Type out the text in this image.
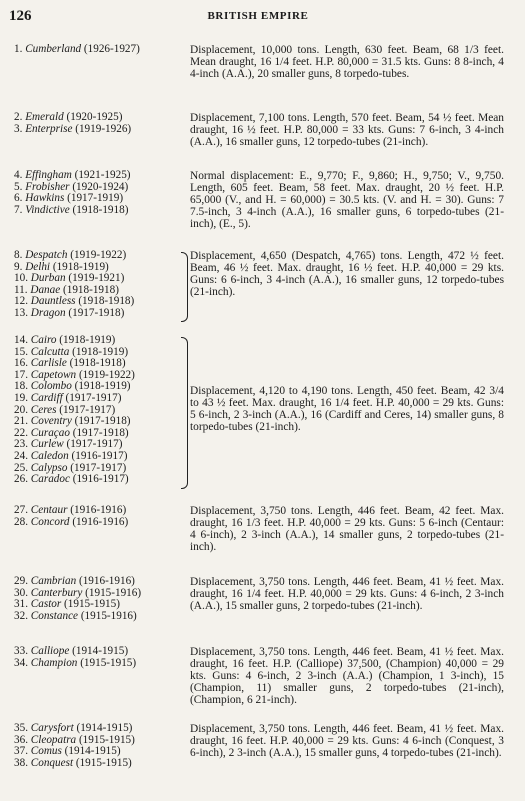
126	BRITISH EMPIRE
1. Cumberland (1926-1927)	Displacement, 10,000 tons. Length, 630 feet. Beam, 68 1/3 feet. Mean draught, 16 1/4 feet. H.P. 80,000 = 31.5 kts. Guns: 8 8-inch, 4 4-inch (A.A.), 20 smaller guns, 8 torpedo-tubes.
2. Emerald (1920-1925)
3. Enterprise (1919-1926)
Displacement, 7,100 tons. Length, 570 feet. Beam, 54 ½ feet. Mean draught, 16 ½ feet. H.P. 80,000 = 33 kts. Guns: 7 6-inch, 3 4-inch (A.A.), 16 smaller guns, 12 torpedo-tubes (21-inch).
4. Effingham (1921-1925)
5. Frobisher (1920-1924)
6. Hawkins (1917-1919)
7. Vindictive (1918-1918)
Normal displacement: E., 9,770; F., 9,860; H., 9,750; V., 9,750. Length, 605 feet. Beam, 58 feet. Max. draught, 20 ½ feet. H.P. 65,000 (V., and H. = 60,000) = 30.5 kts. (V. and H. = 30). Guns: 7 7.5-inch, 3 4-inch (A.A.), 16 smaller guns, 6 torpedo-tubes (21-inch), (E., 5).
8. Despatch (1919-1922)
9. Delhi (1918-1919)
10. Durban (1919-1921)
11. Danae (1918-1918)
12. Dauntless (1918-1918)
13. Dragon (1917-1918)
Displacement, 4,650 (Despatch, 4,765) tons. Length, 472 ½ feet. Beam, 46 ½ feet. Max. draught, 16 ½ feet. H.P. 40,000 = 29 kts. Guns: 6 6-inch, 3 4-inch (A.A.), 16 smaller guns, 12 torpedo-tubes (21-inch).
14. Cairo (1918-1919)
15. Calcutta (1918-1919)
16. Carlisle (1918-1918)
17. Capetown (1919-1922)
18. Colombo (1918-1919)
19. Cardiff (1917-1917)
20. Ceres (1917-1917)
21. Coventry (1917-1918)
22. Curaçao (1917-1918)
23. Curlew (1917-1917)
24. Caledon (1916-1917)
25. Calypso (1917-1917)
26. Caradoc (1916-1917)
Displacement, 4,120 to 4,190 tons. Length, 450 feet. Beam, 42 3/4 to 43 ½ feet. Max. draught, 16 1/4 feet. H.P. 40,000 = 29 kts. Guns: 5 6-inch, 2 3-inch (A.A.), 16 (Cardiff and Ceres, 14) smaller guns, 8 torpedo-tubes (21-inch).
27. Centaur (1916-1916)
28. Concord (1916-1916)
Displacement, 3,750 tons. Length, 446 feet. Beam, 42 feet. Max. draught, 16 1/3 feet. H.P. 40,000 = 29 kts. Guns: 5 6-inch (Centaur: 4 6-inch), 2 3-inch (A.A.), 14 smaller guns, 2 torpedo-tubes (21-inch).
29. Cambrian (1916-1916)
30. Canterbury (1915-1916)
31. Castor (1915-1915)
32. Constance (1915-1916)
Displacement, 3,750 tons. Length, 446 feet. Beam, 41 ½ feet. Max. draught, 16 1/4 feet. H.P. 40,000 = 29 kts. Guns: 4 6-inch, 2 3-inch (A.A.), 15 smaller guns, 2 torpedo-tubes (21-inch).
33. Calliope (1914-1915)
34. Champion (1915-1915)
Displacement, 3,750 tons. Length, 446 feet. Beam, 41 ½ feet. Max. draught, 16 feet. H.P. (Calliope) 37,500, (Champion) 40,000 = 29 kts. Guns: 4 6-inch, 2 3-inch (A.A.) (Champion, 1 3-inch), 15 (Champion, 11) smaller guns, 2 torpedo-tubes (21-inch), (Champion, 6 21-inch).
35. Carysfort (1914-1915)
36. Cleopatra (1915-1915)
37. Comus (1914-1915)
38. Conquest (1915-1915)
Displacement, 3,750 tons. Length, 446 feet. Beam, 41 ½ feet. Max. draught, 16 feet. H.P. 40,000 = 29 kts. Guns: 4 6-inch (Conquest, 3 6-inch), 2 3-inch (A.A.), 15 smaller guns, 4 torpedo-tubes (21-inch).
